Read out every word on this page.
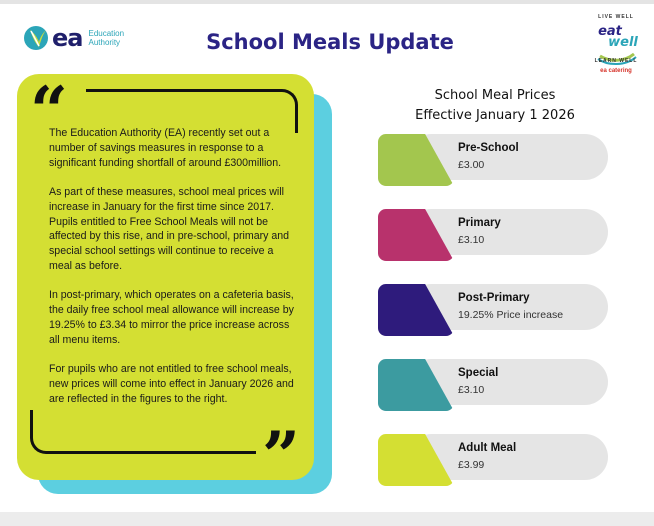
ea Education
Authority	School Meals Update
LIVE WELL
eat
well
LEARN WELL
ea catering
“
”

The Education Authority (EA) recently set out a number of savings measures in response to a significant funding shortfall of around £300million.

As part of these measures, school meal prices will increase in January for the first time since 2017. Pupils entitled to Free School Meals will not be affected by this rise, and in pre-school, primary and special school settings will continue to receive a meal as before.

In post-primary, which operates on a cafeteria basis, the daily free school meal allowance will increase by 19.25% to £3.34 to mirror the price increase across all menu items.

For pupils who are not entitled to free school meals, new prices will come into effect in January 2026 and are reflected in the figures to the right.

School Meal Prices
Effective January 1 2026
Pre-School
£3.00
Primary
£3.10
Post-Primary
19.25% Price increase
Special
£3.10
Adult Meal
£3.99
